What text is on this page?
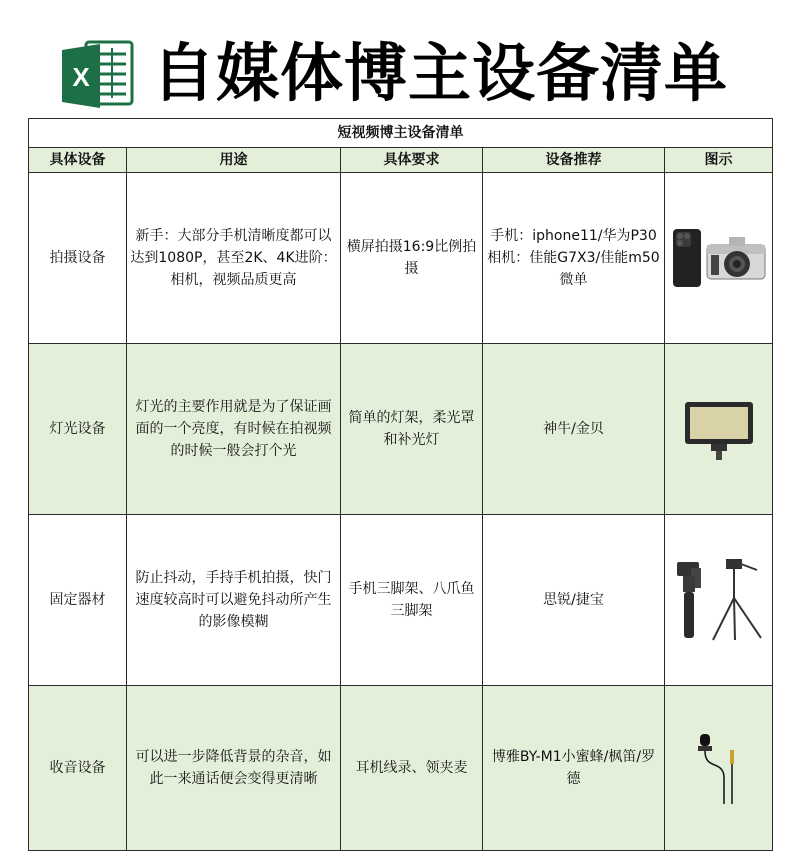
X 自媒体博主设备清单
短视频博主设备清单				
具体设备	用途	具体要求	设备推荐	图示
拍摄设备	新手：大部分手机清晰度都可以达到1080P，甚至2K、4K进阶：相机，视频品质更高	横屏拍摄16:9比例拍摄	手机：iphone11/华为P30相机：佳能G7X3/佳能m50微单	

灯光设备	灯光的主要作用就是为了保证画面的一个亮度，有时候在拍视频的时候一般会打个光	简单的灯架，柔光罩和补光灯	神牛/金贝	

固定器材	防止抖动，手持手机拍摄，快门速度较高时可以避免抖动所产生的影像模糊	手机三脚架、八爪鱼三脚架	思锐/捷宝	

收音设备	可以进一步降低背景的杂音，如此一来通话便会变得更清晰	耳机线录、领夹麦	博雅BY-M1小蜜蜂/枫笛/罗德	
